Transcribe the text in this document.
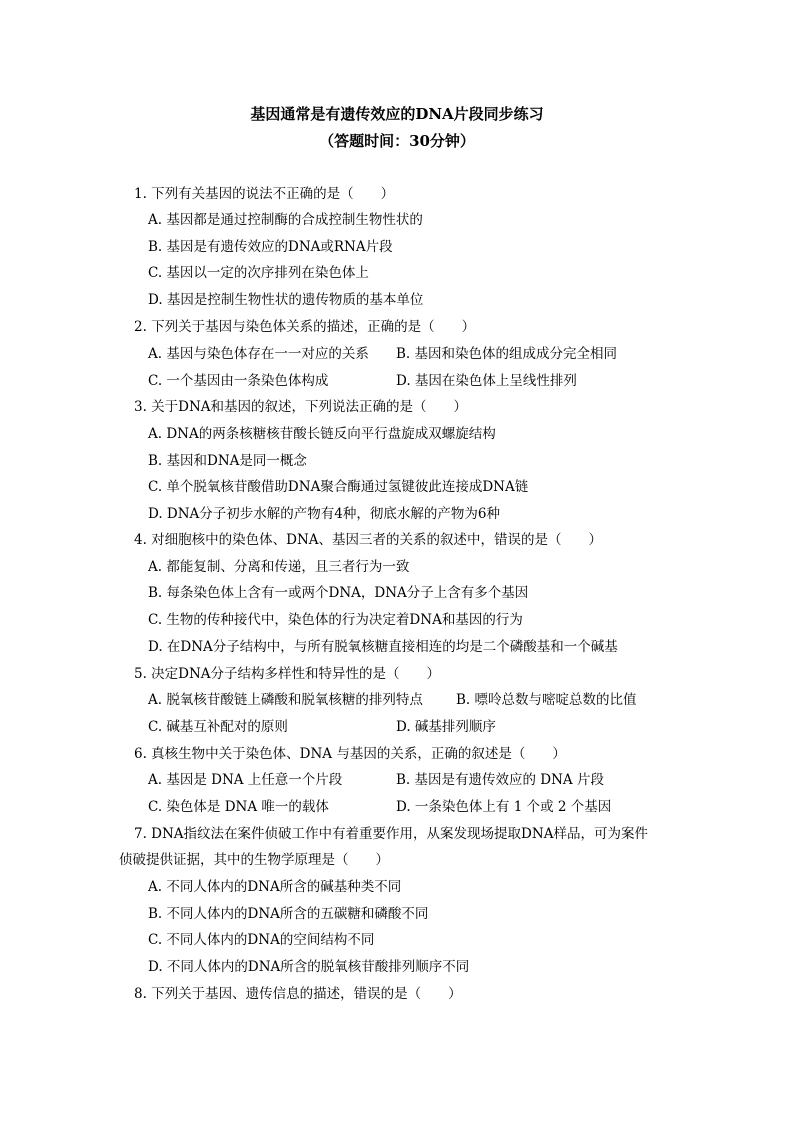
基因通常是有遗传效应的DNA片段同步练习
（答题时间：30分钟）

1. 下列有关基因的说法不正确的是（　　）

A. 基因都是通过控制酶的合成控制生物性状的

B. 基因是有遗传效应的DNA或RNA片段

C. 基因以一定的次序排列在染色体上

D. 基因是控制生物性状的遗传物质的基本单位

2. 下列关于基因与染色体关系的描述，正确的是（　　）

A. 基因与染色体存在一一对应的关系 B. 基因和染色体的组成成分完全相同

C. 一个基因由一条染色体构成	D. 基因在染色体上呈线性排列

3. 关于DNA和基因的叙述，下列说法正确的是（　　）

A. DNA的两条核糖核苷酸长链反向平行盘旋成双螺旋结构

B. 基因和DNA是同一概念

C. 单个脱氧核苷酸借助DNA聚合酶通过氢键彼此连接成DNA链

D. DNA分子初步水解的产物有4种，彻底水解的产物为6种

4. 对细胞核中的染色体、DNA、基因三者的关系的叙述中，错误的是（　　）

A. 都能复制、分离和传递，且三者行为一致

B. 每条染色体上含有一或两个DNA，DNA分子上含有多个基因

C. 生物的传种接代中，染色体的行为决定着DNA和基因的行为

D. 在DNA分子结构中，与所有脱氧核糖直接相连的均是二个磷酸基和一个碱基

5. 决定DNA分子结构多样性和特异性的是（　　）

A. 脱氧核苷酸链上磷酸和脱氧核糖的排列特点 B. 嘌呤总数与嘧啶总数的比值

C. 碱基互补配对的原则	D. 碱基排列顺序

6. 真核生物中关于染色体、DNA 与基因的关系，正确的叙述是（　　）

A. 基因是 DNA 上任意一个片段	B. 基因是有遗传效应的 DNA 片段

C. 染色体是 DNA 唯一的载体	D. 一条染色体上有 1 个或 2 个基因

7. DNA指纹法在案件侦破工作中有着重要作用，从案发现场提取DNA样品，可为案件

侦破提供证据，其中的生物学原理是（　　）

A. 不同人体内的DNA所含的碱基种类不同

B. 不同人体内的DNA所含的五碳糖和磷酸不同

C. 不同人体内的DNA的空间结构不同

D. 不同人体内的DNA所含的脱氧核苷酸排列顺序不同

8. 下列关于基因、遗传信息的描述，错误的是（　　）
